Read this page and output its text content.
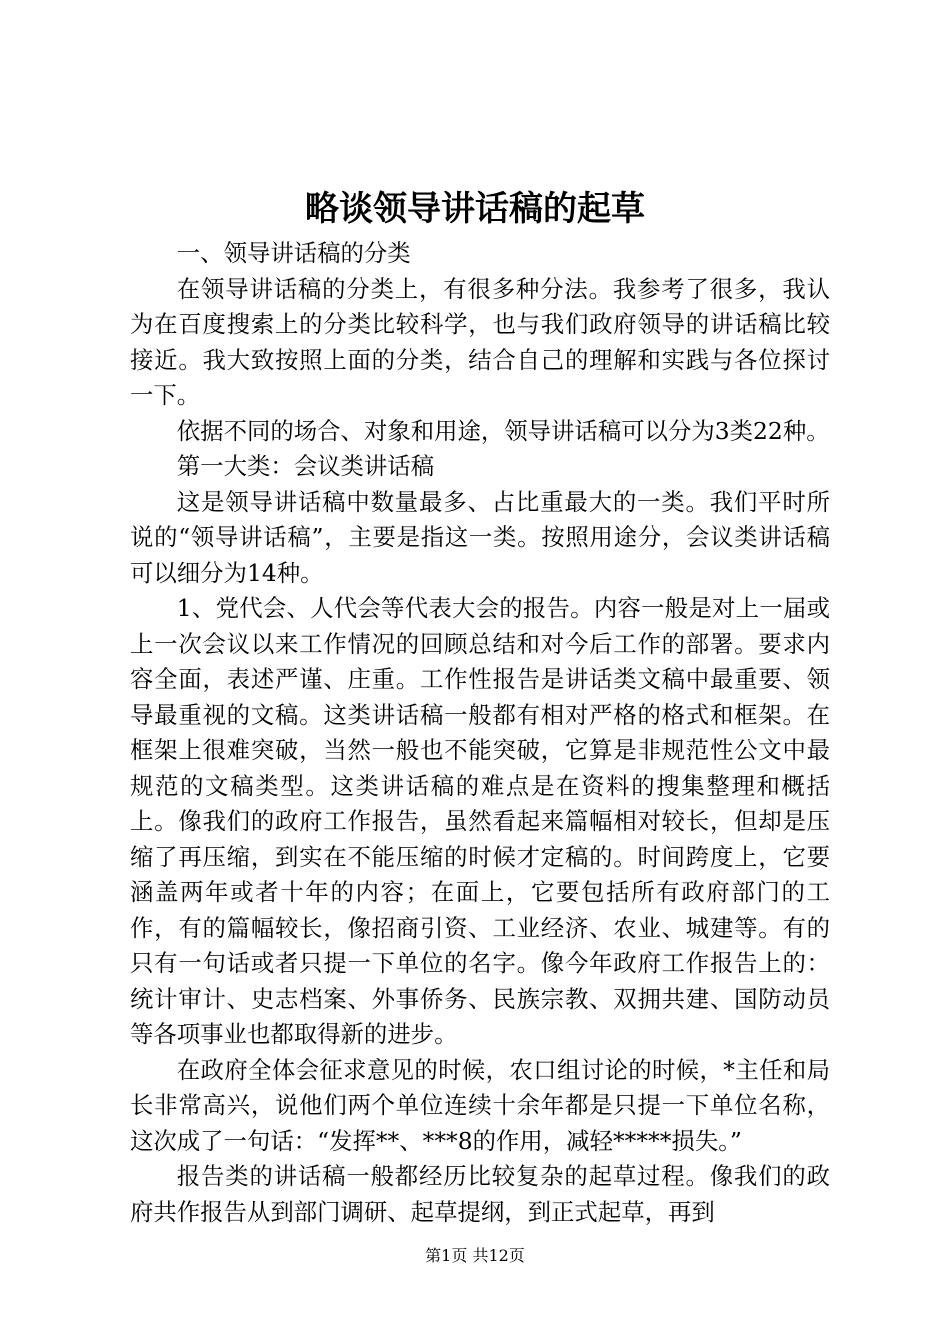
略谈领导讲话稿的起草

一、领导讲话稿的分类

在领导讲话稿的分类上，有很多种分法。我参考了很多，我认为在百度搜索上的分类比较科学，也与我们政府领导的讲话稿比较接近。我大致按照上面的分类，结合自己的理解和实践与各位探讨一下。

依据不同的场合、对象和用途，领导讲话稿可以分为3类22种。

第一大类：会议类讲话稿

这是领导讲话稿中数量最多、占比重最大的一类。我们平时所说的“领导讲话稿”，主要是指这一类。按照用途分，会议类讲话稿可以细分为14种。

1、党代会、人代会等代表大会的报告。内容一般是对上一届或上一次会议以来工作情况的回顾总结和对今后工作的部署。要求内容全面，表述严谨、庄重。工作性报告是讲话类文稿中最重要、领导最重视的文稿。这类讲话稿一般都有相对严格的格式和框架。在框架上很难突破，当然一般也不能突破，它算是非规范性公文中最规范的文稿类型。这类讲话稿的难点是在资料的搜集整理和概括上。像我们的政府工作报告，虽然看起来篇幅相对较长，但却是压缩了再压缩，到实在不能压缩的时候才定稿的。时间跨度上，它要涵盖两年或者十年的内容；在面上，它要包括所有政府部门的工作，有的篇幅较长，像招商引资、工业经济、农业、城建等。有的只有一句话或者只提一下单位的名字。像今年政府工作报告上的：统计审计、史志档案、外事侨务、民族宗教、双拥共建、国防动员等各项事业也都取得新的进步。

在政府全体会征求意见的时候，农口组讨论的时候，*主任和局长非常高兴，说他们两个单位连续十余年都是只提一下单位名称，这次成了一句话：“发挥**、***8的作用，减轻*****损失。”

报告类的讲话稿一般都经历比较复杂的起草过程。像我们的政府共作报告从到部门调研、起草提纲，到正式起草，再到

第1页 共12页
